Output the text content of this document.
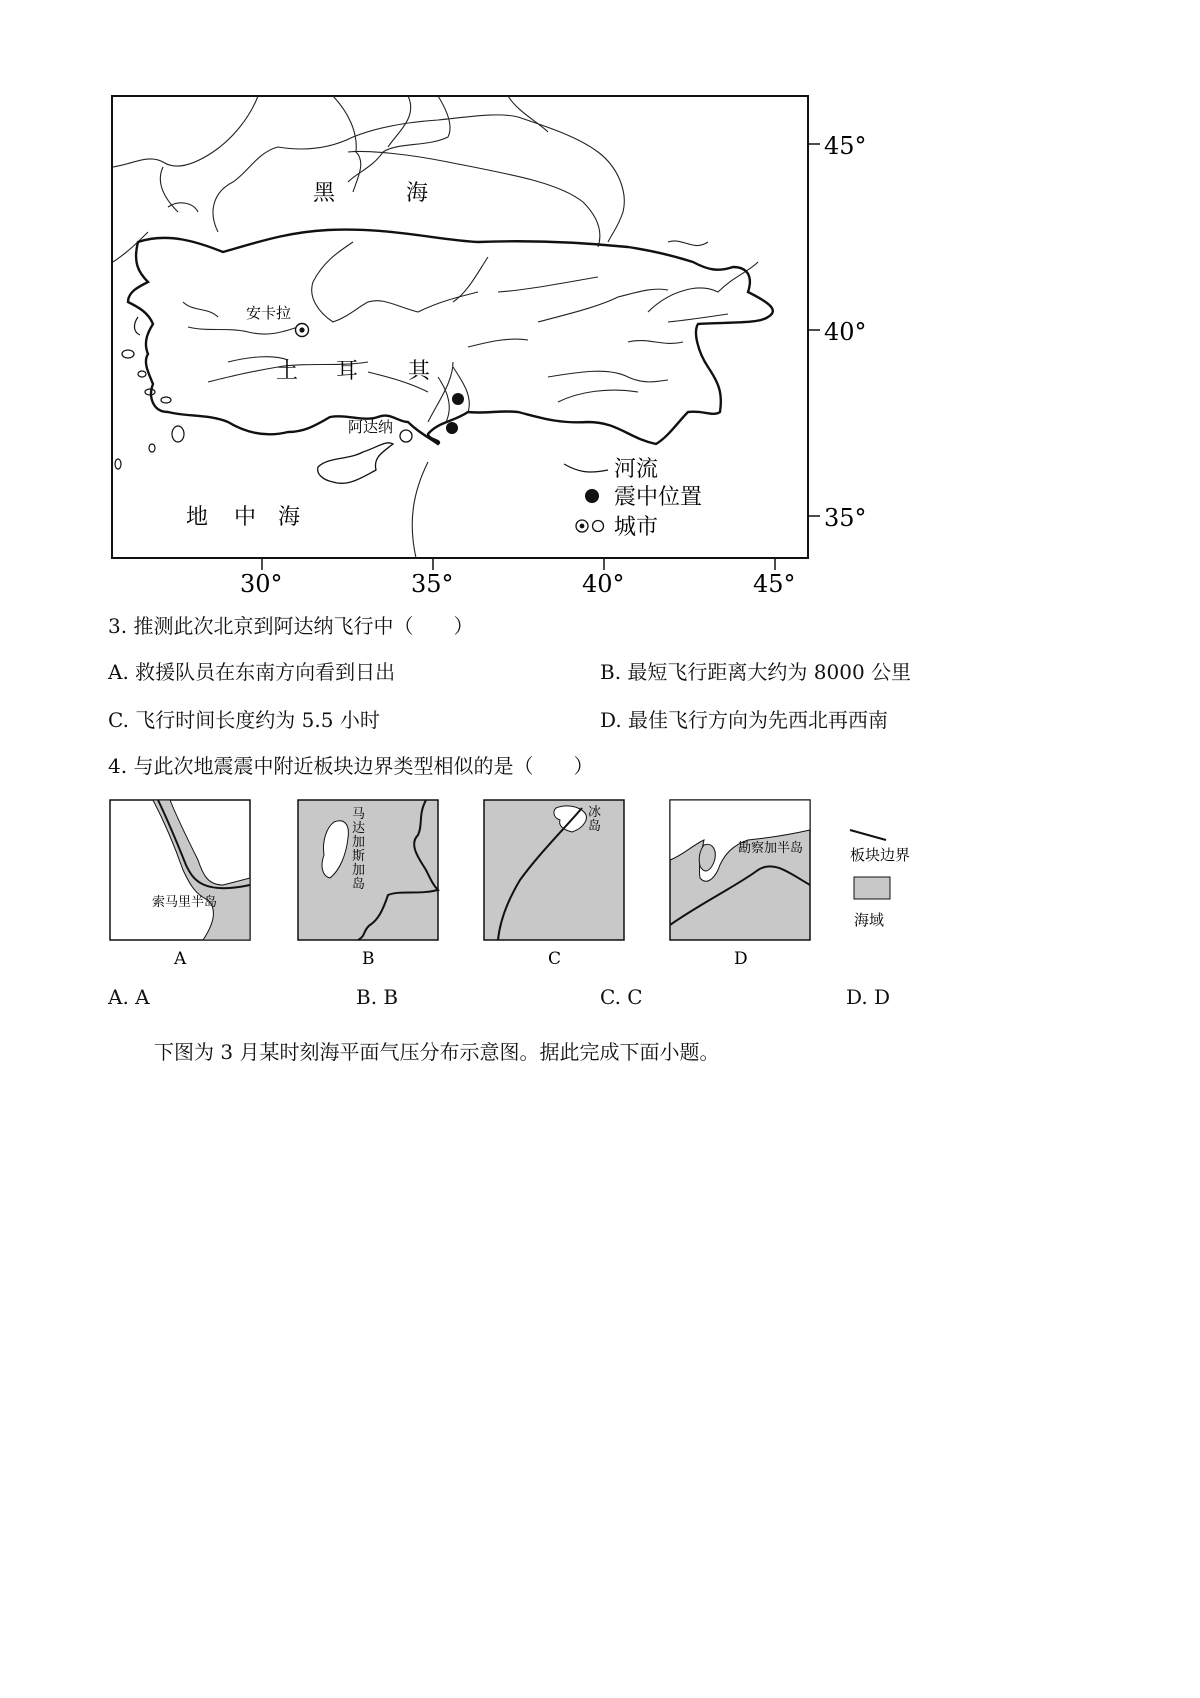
45°
40°
35°
30°	35°	40°	45°
黑	海
土 耳 其
地 中 海
安卡拉
阿达纳
河流
震中位置
城市
3. 推测此次北京到阿达纳飞行中（　　）
A. 救援队员在东南方向看到日出	B. 最短飞行距离大约为 8000 公里
C. 飞行时间长度约为 5.5 小时	D. 最佳飞行方向为先西北再西南
4. 与此次地震震中附近板块边界类型相似的是（　　）
索马里半岛
马
达
加
斯
加
岛
冰
岛
勘察加半岛
A	B	C	D
板块边界
海域
A. A	B. B	C. C	D. D
下图为 3 月某时刻海平面气压分布示意图。据此完成下面小题。
